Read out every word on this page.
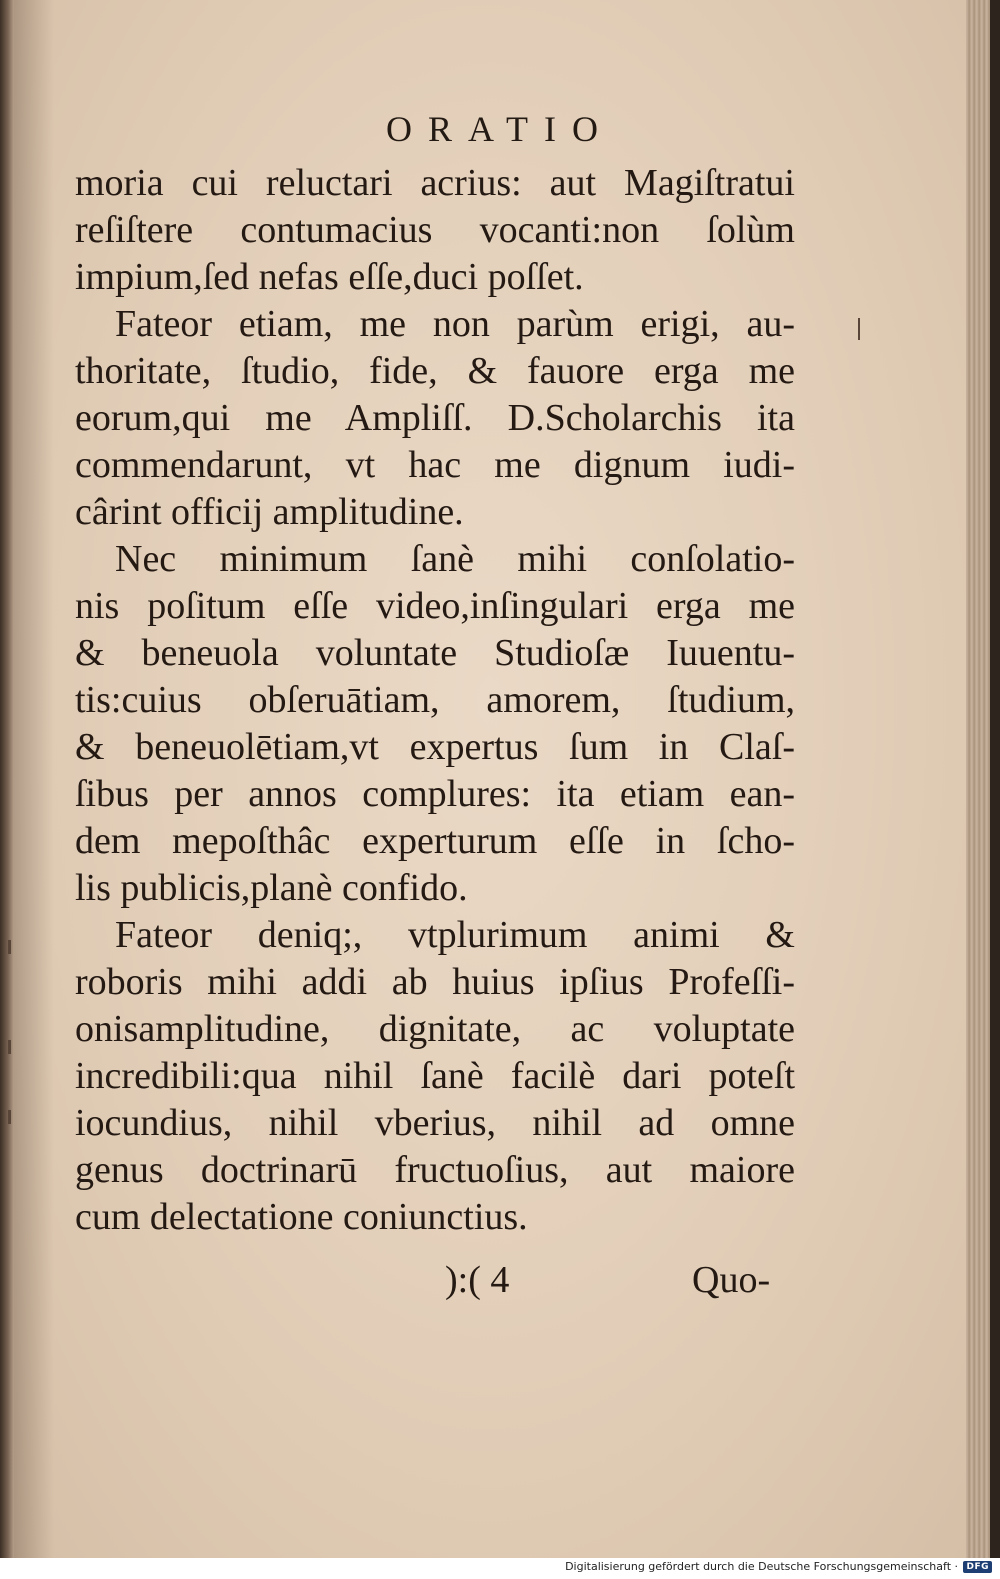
ORATIO
moria cui reluctari acrius: aut Magiſtratui
reſiſtere contumacius vocanti:non ſolùm
impium,ſed nefas eſſe,duci poſſet.
Fateor etiam, me non parùm erigi, au-
thoritate, ſtudio, fide, & fauore erga me
eorum,qui me Ampliſſ. D.Scholarchis ita
commendarunt, vt hac me dignum iudi-
cârint officij amplitudine.
Nec minimum ſanè mihi conſolatio-
nis poſitum eſſe video,inſingulari erga me
& beneuola voluntate Studioſæ Iuuentu-
tis:cuius obſeruātiam, amorem, ſtudium,
& beneuolētiam,vt expertus ſum in Claſ-
ſibus per annos complures: ita etiam ean-
dem mepoſthâc experturum eſſe in ſcho-
lis publicis,planè confido.
Fateor deniq;, vtplurimum animi &
roboris mihi addi ab huius ipſius Profeſſi-
onisamplitudine, dignitate, ac voluptate
incredibili:qua nihil ſanè facilè dari poteſt
iocundius, nihil vberius, nihil ad omne
genus doctrinarū fructuoſius, aut maiore
cum delectatione coniunctius.
):( 4	Quo-
Digitalisierung gefördert durch die Deutsche Forschungsgemeinschaft · DFG
